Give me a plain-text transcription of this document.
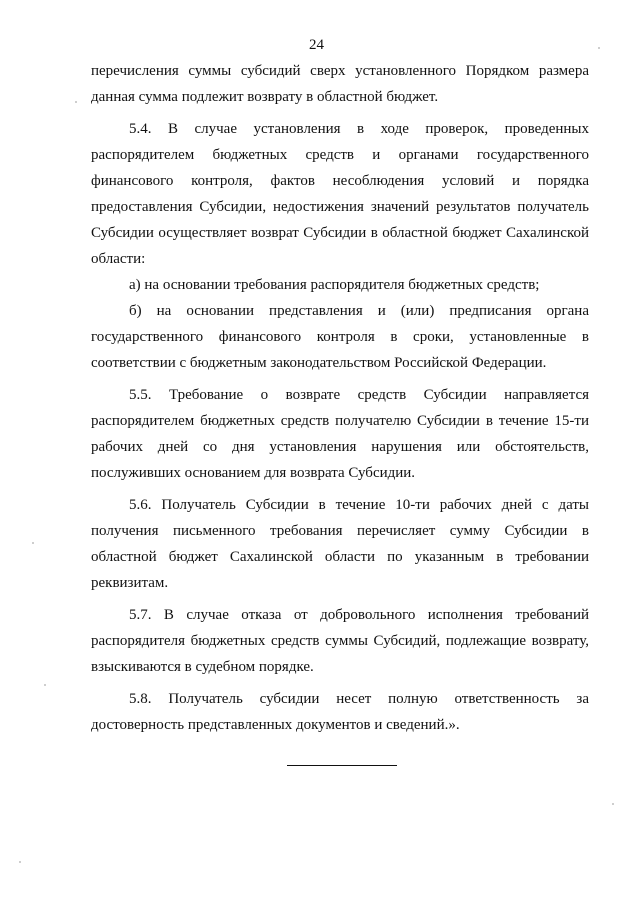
24

перечисления суммы субсидий сверх установленного Порядком размера данная сумма подлежит возврату в областной бюджет.

5.4. В случае установления в ходе проверок, проведенных распорядителем бюджетных средств и органами государственного финансового контроля, фактов несоблюдения условий и порядка предоставления Субсидии, недостижения значений результатов получатель Субсидии осуществляет возврат Субсидии в областной бюджет Сахалинской области:

а) на основании требования распорядителя бюджетных средств;

б) на основании представления и (или) предписания органа государственного финансового контроля в сроки, установленные в соответствии с бюджетным законодательством Российской Федерации.

5.5. Требование о возврате средств Субсидии направляется распорядителем бюджетных средств получателю Субсидии в течение 15-ти рабочих дней со дня установления нарушения или обстоятельств, послуживших основанием для возврата Субсидии.

5.6. Получатель Субсидии в течение 10-ти рабочих дней с даты получения письменного требования перечисляет сумму Субсидии в областной бюджет Сахалинской области по указанным в требовании реквизитам.

5.7. В случае отказа от добровольного исполнения требований распорядителя бюджетных средств суммы Субсидий, подлежащие возврату, взыскиваются в судебном порядке.

5.8. Получатель субсидии несет полную ответственность за достоверность представленных документов и сведений.».
